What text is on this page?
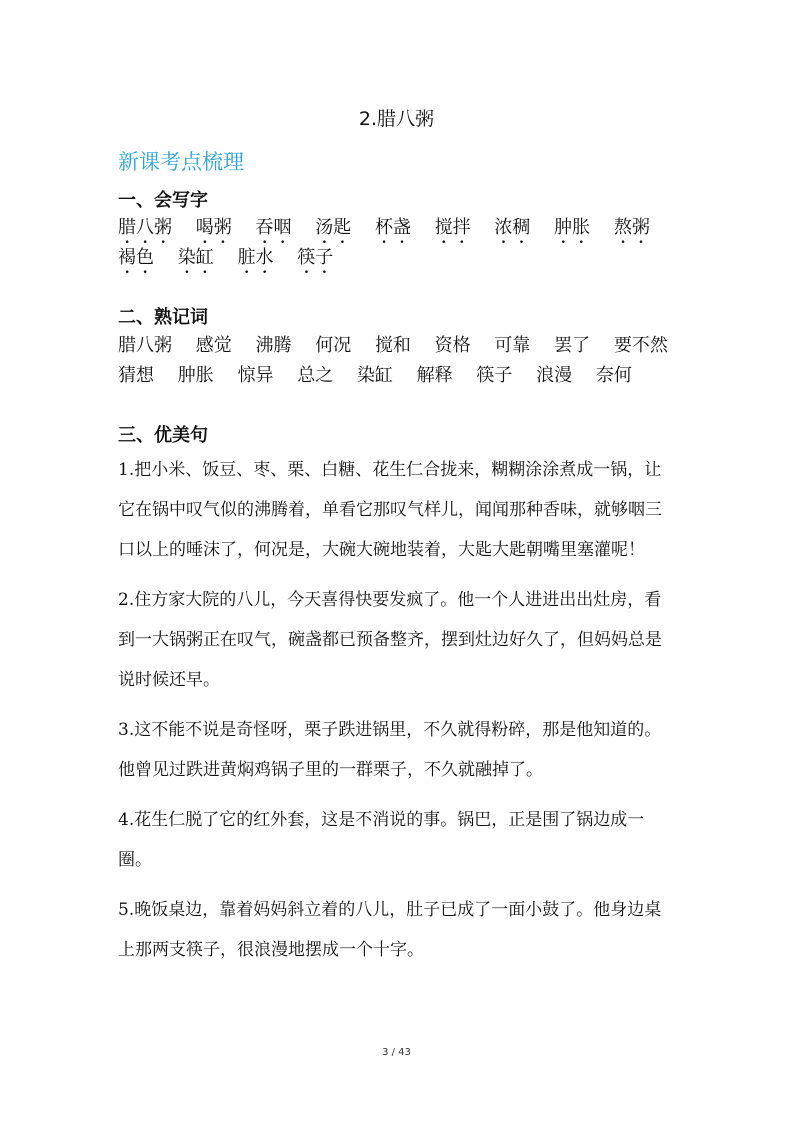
2.腊八粥
新课考点梳理
一、会写字
腊八粥 喝粥 吞咽 汤匙 杯盏 搅拌 浓稠 肿胀 熬粥
褐色 染缸 脏水 筷子
二、熟记词
腊八粥 感觉 沸腾 何况 搅和 资格 可靠 罢了 要不然
猜想 肿胀 惊异 总之 染缸 解释 筷子 浪漫 奈何
三、优美句

1.把小米、饭豆、枣、栗、白糖、花生仁合拢来，糊糊涂涂煮成一锅，让它在锅中叹气似的沸腾着，单看它那叹气样儿，闻闻那种香味，就够咽三口以上的唾沫了，何况是，大碗大碗地装着，大匙大匙朝嘴里塞灌呢！

2.住方家大院的八儿，今天喜得快要发疯了。他一个人进进出出灶房，看到一大锅粥正在叹气，碗盏都已预备整齐，摆到灶边好久了，但妈妈总是说时候还早。

3.这不能不说是奇怪呀，栗子跌进锅里，不久就得粉碎，那是他知道的。他曾见过跌进黄焖鸡锅子里的一群栗子，不久就融掉了。

4.花生仁脱了它的红外套，这是不消说的事。锅巴，正是围了锅边成一圈。

5.晚饭桌边，靠着妈妈斜立着的八儿，肚子已成了一面小鼓了。他身边桌上那两支筷子，很浪漫地摆成一个十字。

3 / 43
